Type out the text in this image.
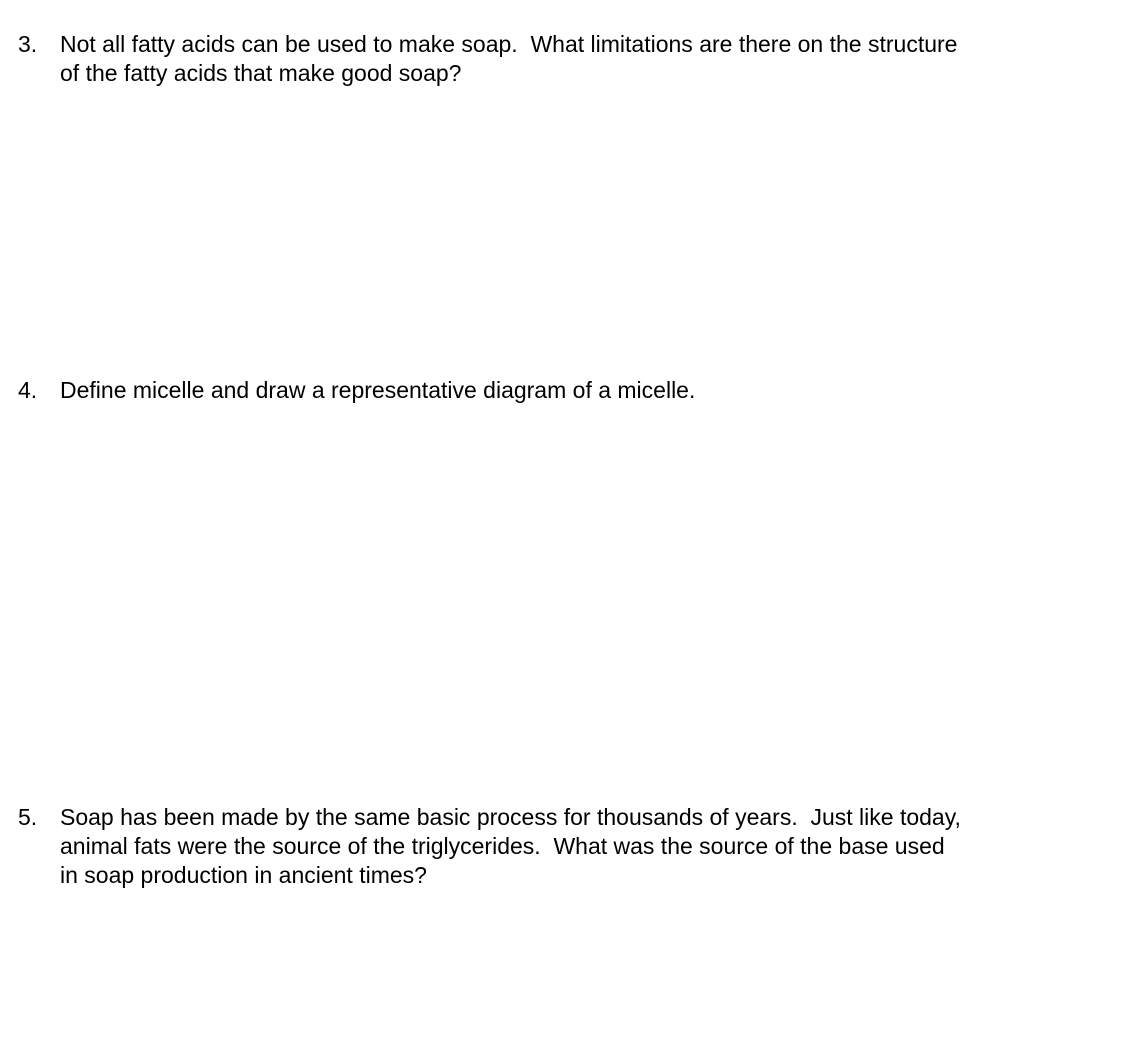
3. Not all fatty acids can be used to make soap.  What limitations are there on the structure
of the fatty acids that make good soap?
4. Define micelle and draw a representative diagram of a micelle.
5. Soap has been made by the same basic process for thousands of years.  Just like today,
animal fats were the source of the triglycerides.  What was the source of the base used
in soap production in ancient times?
